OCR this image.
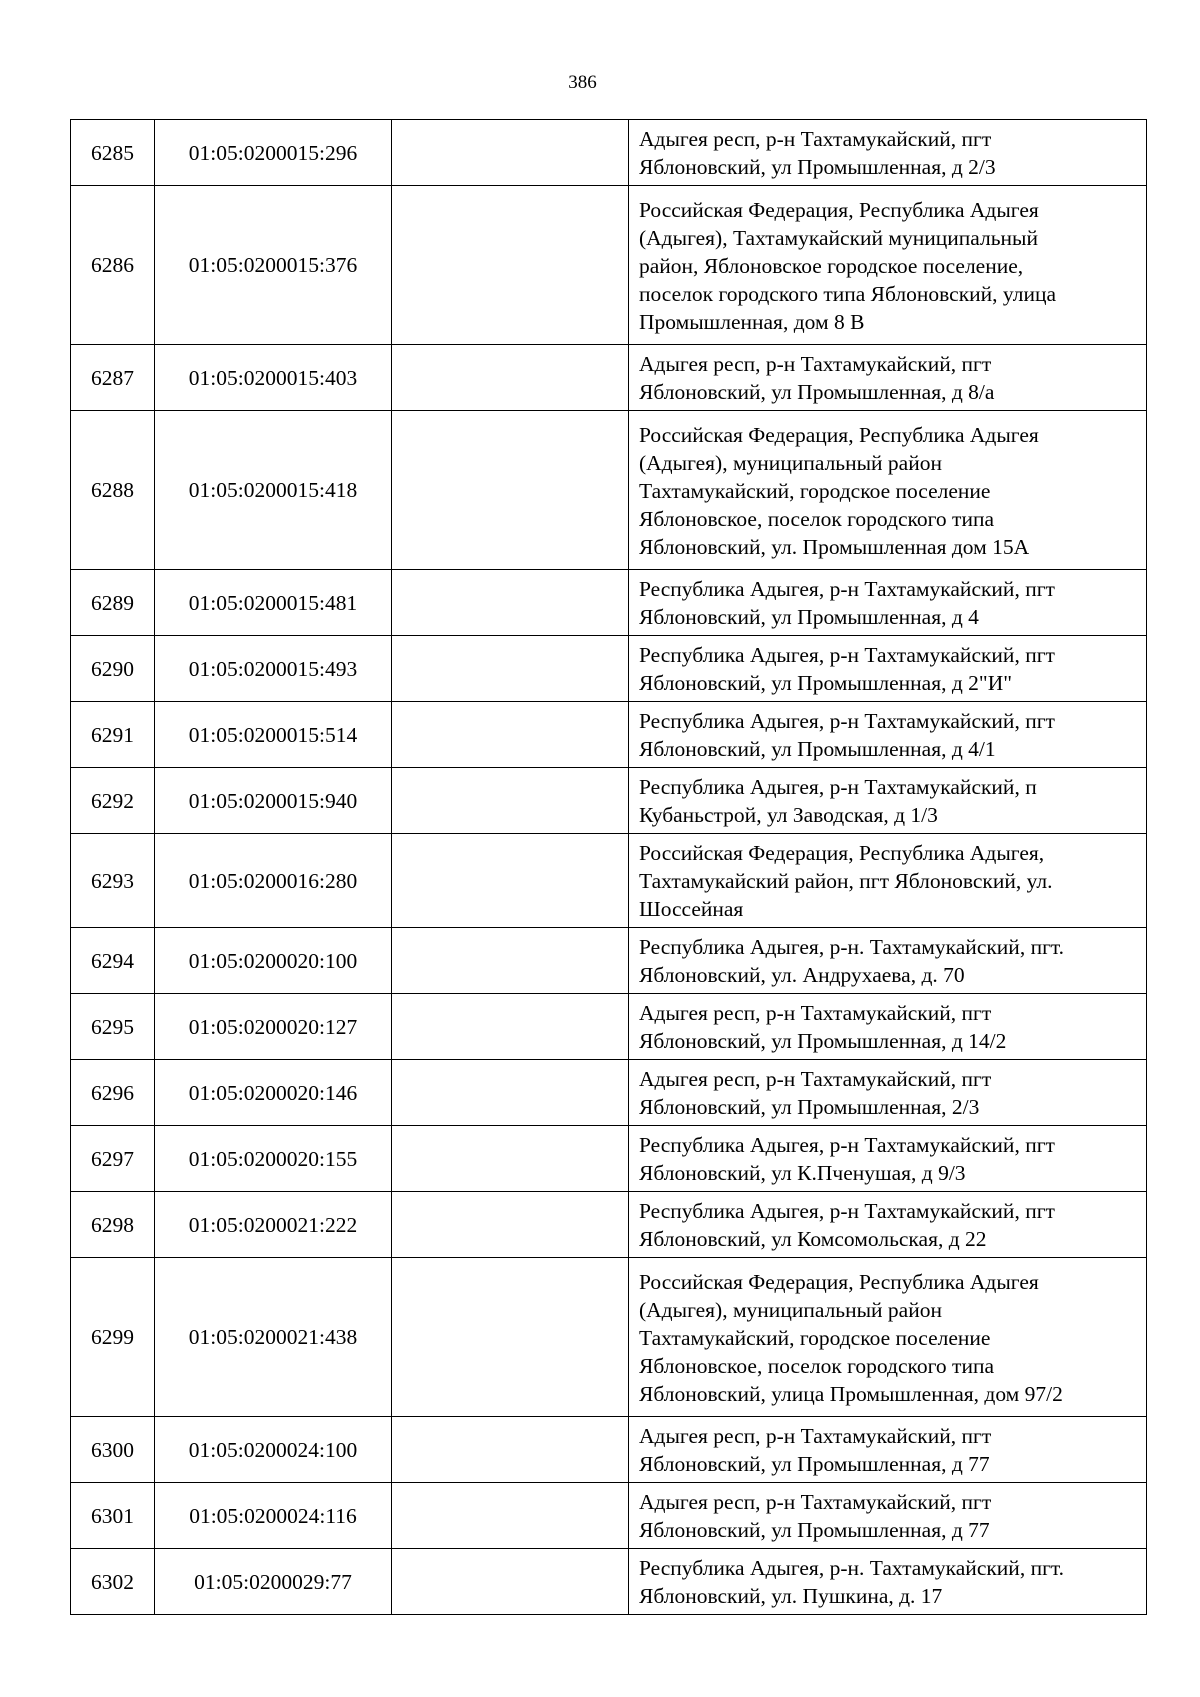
386
6285	01:05:0200015:296		Адыгея респ, р-н Тахтамукайский, пгт
Яблоновский, ул Промышленная, д 2/3

6286	01:05:0200015:376		Российская Федерация, Республика Адыгея
(Адыгея), Тахтамукайский муниципальный
район, Яблоновское городское поселение,
поселок городского типа Яблоновский, улица
Промышленная, дом 8 В

6287	01:05:0200015:403		Адыгея респ, р-н Тахтамукайский, пгт
Яблоновский, ул Промышленная, д 8/а

6288	01:05:0200015:418		Российская Федерация, Республика Адыгея
(Адыгея), муниципальный район
Тахтамукайский, городское поселение
Яблоновское, поселок городского типа
Яблоновский, ул. Промышленная дом 15А

6289	01:05:0200015:481		Республика Адыгея, р-н Тахтамукайский, пгт
Яблоновский, ул Промышленная, д 4

6290	01:05:0200015:493		Республика Адыгея, р-н Тахтамукайский, пгт
Яблоновский, ул Промышленная, д 2"И"

6291	01:05:0200015:514		Республика Адыгея, р-н Тахтамукайский, пгт
Яблоновский, ул Промышленная, д 4/1

6292	01:05:0200015:940		Республика Адыгея, р-н Тахтамукайский, п
Кубаньстрой, ул Заводская, д 1/3

6293	01:05:0200016:280		Российская Федерация, Республика Адыгея,
Тахтамукайский район, пгт Яблоновский, ул.
Шоссейная

6294	01:05:0200020:100		Республика Адыгея, р-н. Тахтамукайский, пгт.
Яблоновский, ул. Андрухаева, д. 70

6295	01:05:0200020:127		Адыгея респ, р-н Тахтамукайский, пгт
Яблоновский, ул Промышленная, д 14/2

6296	01:05:0200020:146		Адыгея респ, р-н Тахтамукайский, пгт
Яблоновский, ул Промышленная, 2/3

6297	01:05:0200020:155		Республика Адыгея, р-н Тахтамукайский, пгт
Яблоновский, ул К.Пченушая, д 9/3

6298	01:05:0200021:222		Республика Адыгея, р-н Тахтамукайский, пгт
Яблоновский, ул Комсомольская, д 22

6299	01:05:0200021:438		Российская Федерация, Республика Адыгея
(Адыгея), муниципальный район
Тахтамукайский, городское поселение
Яблоновское, поселок городского типа
Яблоновский, улица Промышленная, дом 97/2

6300	01:05:0200024:100		Адыгея респ, р-н Тахтамукайский, пгт
Яблоновский, ул Промышленная, д 77

6301	01:05:0200024:116		Адыгея респ, р-н Тахтамукайский, пгт
Яблоновский, ул Промышленная, д 77

6302	01:05:0200029:77		Республика Адыгея, р-н. Тахтамукайский, пгт.
Яблоновский, ул. Пушкина, д. 17
